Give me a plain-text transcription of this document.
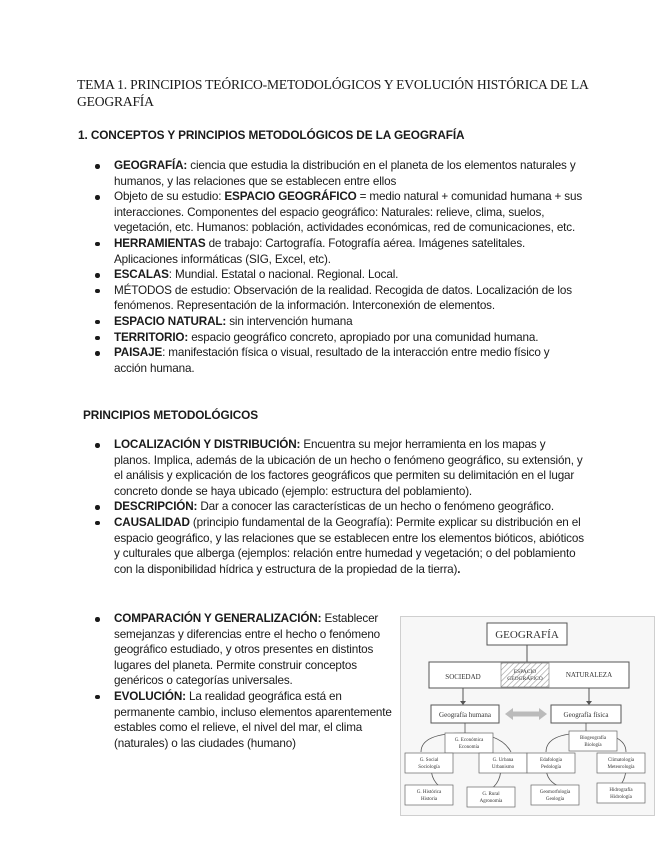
TEMA 1. PRINCIPIOS TEÓRICO-METODOLÓGICOS Y EVOLUCIÓN HISTÓRICA DE LA GEOGRAFÍA
1. CONCEPTOS Y PRINCIPIOS METODOLÓGICOS DE LA GEOGRAFÍA
GEOGRAFÍA: ciencia que estudia la distribución en el planeta de los elementos naturales y humanos, y las relaciones que se establecen entre ellos
Objeto de su estudio: ESPACIO GEOGRÁFICO = medio natural + comunidad humana + sus interacciones. Componentes del espacio geográfico: Naturales: relieve, clima, suelos, vegetación, etc. Humanos: población, actividades económicas, red de comunicaciones, etc.
HERRAMIENTAS de trabajo: Cartografía. Fotografía aérea. Imágenes satelitales. Aplicaciones informáticas (SIG, Excel, etc).
ESCALAS: Mundial. Estatal o nacional. Regional. Local.
MÉTODOS de estudio: Observación de la realidad. Recogida de datos. Localización de los fenómenos. Representación de la información. Interconexión de elementos.
ESPACIO NATURAL: sin intervención humana
TERRITORIO: espacio geográfico concreto, apropiado por una comunidad humana.
PAISAJE: manifestación física o visual, resultado de la interacción entre medio físico y acción humana.
PRINCIPIOS METODOLÓGICOS
LOCALIZACIÓN Y DISTRIBUCIÓN: Encuentra su mejor herramienta en los mapas y planos. Implica, además de la ubicación de un hecho o fenómeno geográfico, su extensión, y el análisis y explicación de los factores geográficos que permiten su delimitación en el lugar concreto donde se haya ubicado (ejemplo: estructura del poblamiento).
DESCRIPCIÓN: Dar a conocer las características de un hecho o fenómeno geográfico.
CAUSALIDAD (principio fundamental de la Geografía): Permite explicar su distribución en el espacio geográfico, y las relaciones que se establecen entre los elementos bióticos, abióticos y culturales que alberga (ejemplos: relación entre humedad y vegetación; o del poblamiento con la disponibilidad hídrica y estructura de la propiedad de la tierra).
COMPARACIÓN Y GENERALIZACIÓN: Establecer semejanzas y diferencias entre el hecho o fenómeno geográfico estudiado, y otros presentes en distintos lugares del planeta. Permite construir conceptos genéricos o categorías universales.
EVOLUCIÓN: La realidad geográfica está en permanente cambio, incluso elementos aparentemente estables como el relieve, el nivel del mar, el clima (naturales) o las ciudades (humano)
GEOGRAFÍA
SOCIEDAD
ESPACIO
GEOGRÁFICO	NATURALEZA
Geografía humana	Geografía física
G. Económica
Economía
G. Social
Sociología
G. Urbana
Urbanismo
G. Histórica
Historia
G. Rural
Agronomía
Biogeografía
Biología
Edafología
Pedología
Climatología
Meteorología
Geomorfología
Geología
Hidrografía
Hidrología
